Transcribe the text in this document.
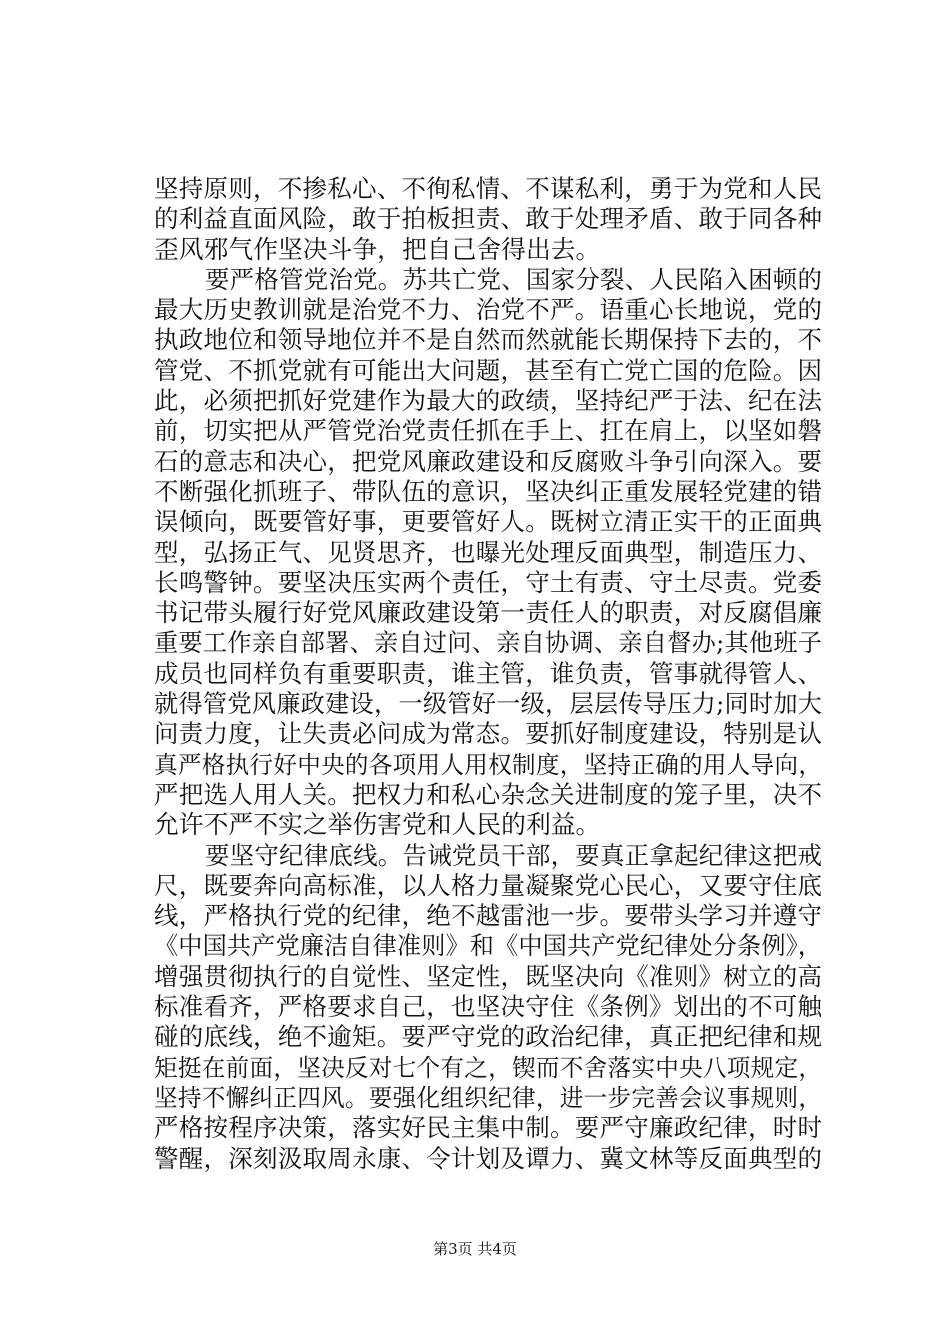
坚持原则，不掺私心、不徇私情、不谋私利，勇于为党和人民
的利益直面风险，敢于拍板担责、敢于处理矛盾、敢于同各种
歪风邪气作坚决斗争，把自己舍得出去。
要严格管党治党。苏共亡党、国家分裂、人民陷入困顿的
最大历史教训就是治党不力、治党不严。语重心长地说，党的
执政地位和领导地位并不是自然而然就能长期保持下去的，不
管党、不抓党就有可能出大问题，甚至有亡党亡国的危险。因
此，必须把抓好党建作为最大的政绩，坚持纪严于法、纪在法
前，切实把从严管党治党责任抓在手上、扛在肩上，以坚如磐
石的意志和决心，把党风廉政建设和反腐败斗争引向深入。要
不断强化抓班子、带队伍的意识，坚决纠正重发展轻党建的错
误倾向，既要管好事，更要管好人。既树立清正实干的正面典
型，弘扬正气、见贤思齐，也曝光处理反面典型，制造压力、
长鸣警钟。要坚决压实两个责任，守土有责、守土尽责。党委
书记带头履行好党风廉政建设第一责任人的职责，对反腐倡廉
重要工作亲自部署、亲自过问、亲自协调、亲自督办;其他班子
成员也同样负有重要职责，谁主管，谁负责，管事就得管人、
就得管党风廉政建设，一级管好一级，层层传导压力;同时加大
问责力度，让失责必问成为常态。要抓好制度建设，特别是认
真严格执行好中央的各项用人用权制度，坚持正确的用人导向，
严把选人用人关。把权力和私心杂念关进制度的笼子里，决不
允许不严不实之举伤害党和人民的利益。
要坚守纪律底线。告诫党员干部，要真正拿起纪律这把戒
尺，既要奔向高标准，以人格力量凝聚党心民心，又要守住底
线，严格执行党的纪律，绝不越雷池一步。要带头学习并遵守
《中国共产党廉洁自律准则》和《中国共产党纪律处分条例》，
增强贯彻执行的自觉性、坚定性，既坚决向《准则》树立的高
标准看齐，严格要求自己，也坚决守住《条例》划出的不可触
碰的底线，绝不逾矩。要严守党的政治纪律，真正把纪律和规
矩挺在前面，坚决反对七个有之，锲而不舍落实中央八项规定，
坚持不懈纠正四风。要强化组织纪律，进一步完善会议事规则，
严格按程序决策，落实好民主集中制。要严守廉政纪律，时时
警醒，深刻汲取周永康、令计划及谭力、冀文林等反面典型的
第3页 共4页
